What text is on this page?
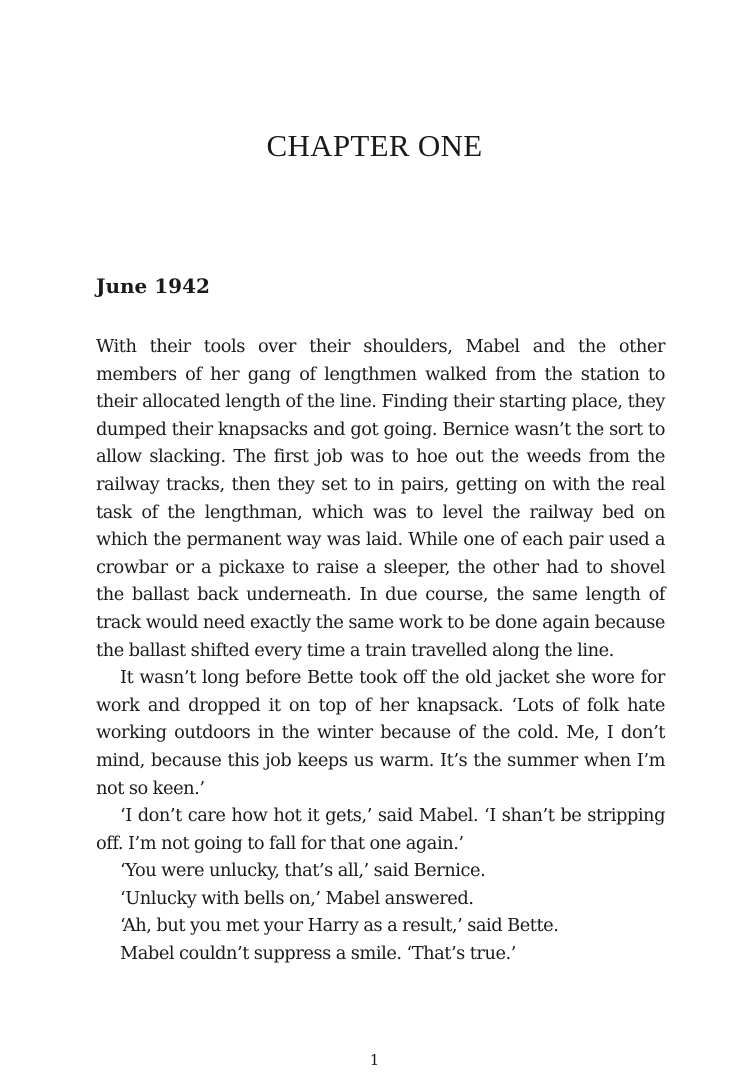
CHAPTER ONE
June 1942

With their tools over their shoulders, Mabel and the other members of her gang of lengthmen walked from the station to their allocated length of the line. Finding their starting place, they dumped their knapsacks and got going. Bernice wasn’t the sort to allow slacking. The first job was to hoe out the weeds from the railway tracks, then they set to in pairs, getting on with the real task of the lengthman, which was to level the railway bed on which the permanent way was laid. While one of each pair used a crowbar or a pickaxe to raise a sleeper, the other had to shovel the ballast back underneath. In due course, the same length of track would need exactly the same work to be done again because the ballast shifted every time a train travelled along the line.

It wasn’t long before Bette took off the old jacket she wore for work and dropped it on top of her knapsack. ‘Lots of folk hate working outdoors in the winter because of the cold. Me, I don’t mind, because this job keeps us warm. It’s the summer when I’m not so keen.’

‘I don’t care how hot it gets,’ said Mabel. ‘I shan’t be stripping off. I’m not going to fall for that one again.’

‘You were unlucky, that’s all,’ said Bernice.

‘Unlucky with bells on,’ Mabel answered.

‘Ah, but you met your Harry as a result,’ said Bette.

Mabel couldn’t suppress a smile. ‘That’s true.’

1
